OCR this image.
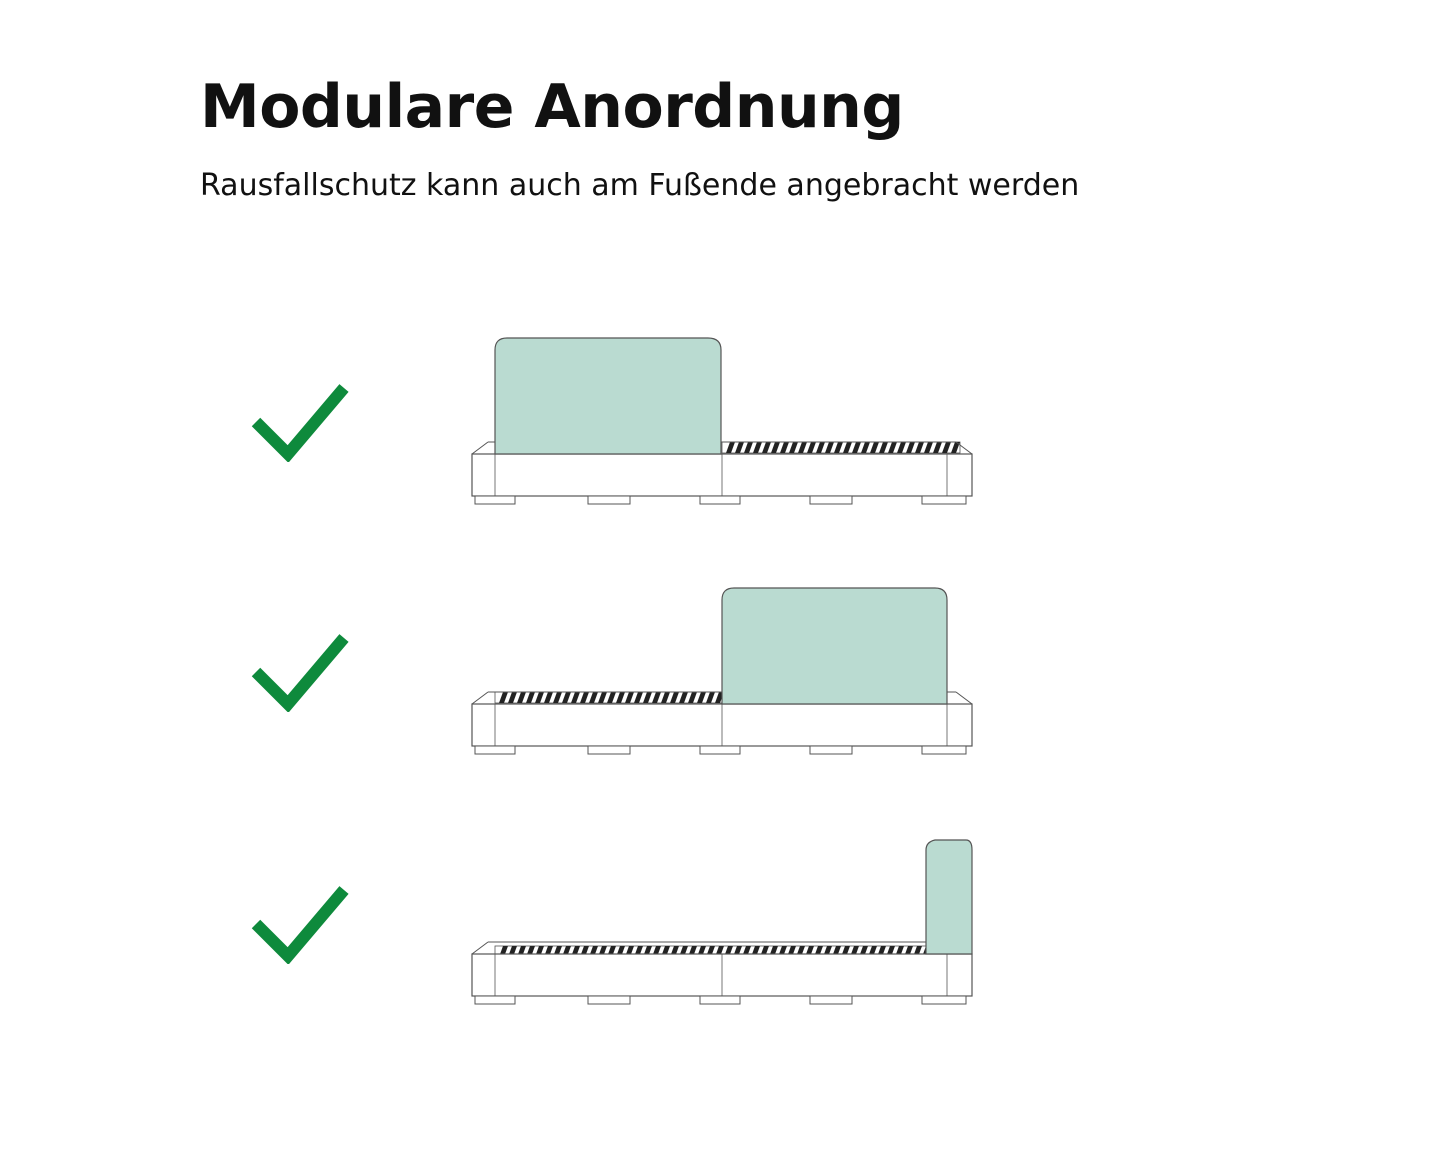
Modulare Anordnung

Rausfallschutz kann auch am Fußende angebracht werden
